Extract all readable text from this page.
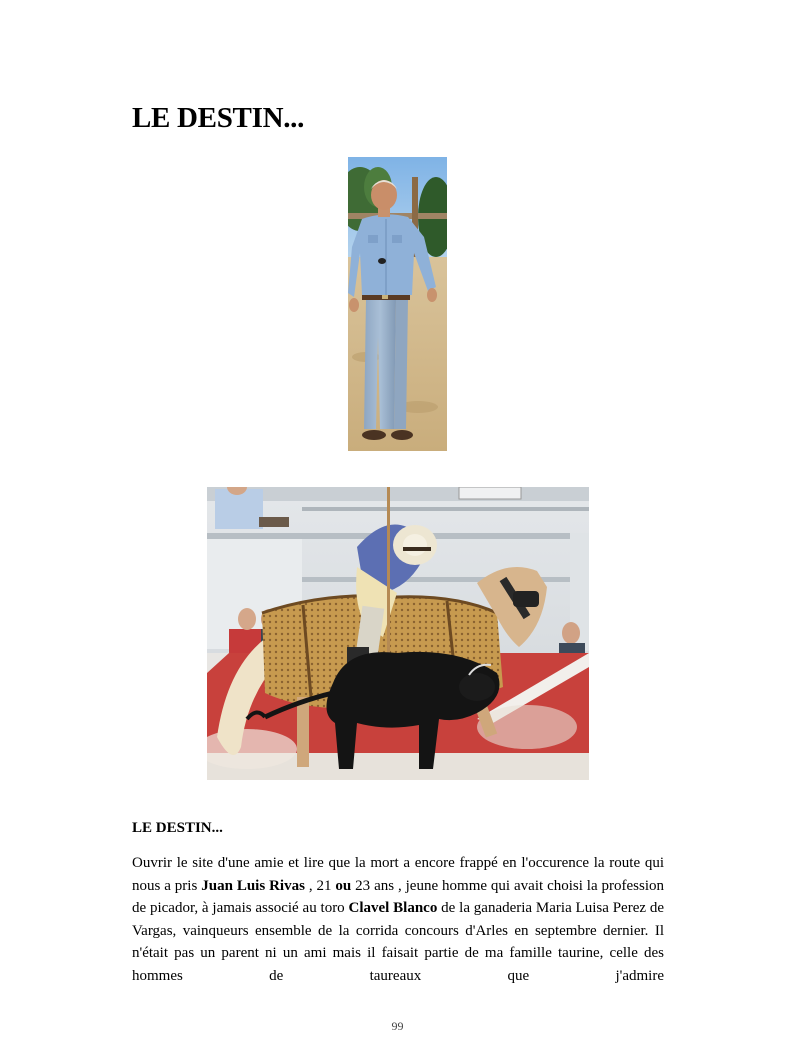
LE DESTIN...
LE DESTIN...

Ouvrir le site d'une amie et lire que la mort a encore frappé en l'occurence la route qui nous a pris Juan Luis Rivas , 21 ou 23 ans , jeune homme qui avait choisi la profession de picador, à jamais associé au toro Clavel Blanco de la ganaderia Maria Luisa Perez de Vargas, vainqueurs ensemble de la corrida concours d'Arles en septembre dernier. Il n'était pas un parent ni un ami mais il faisait partie de ma famille taurine, celle des hommes de taureaux que j'admire

99
